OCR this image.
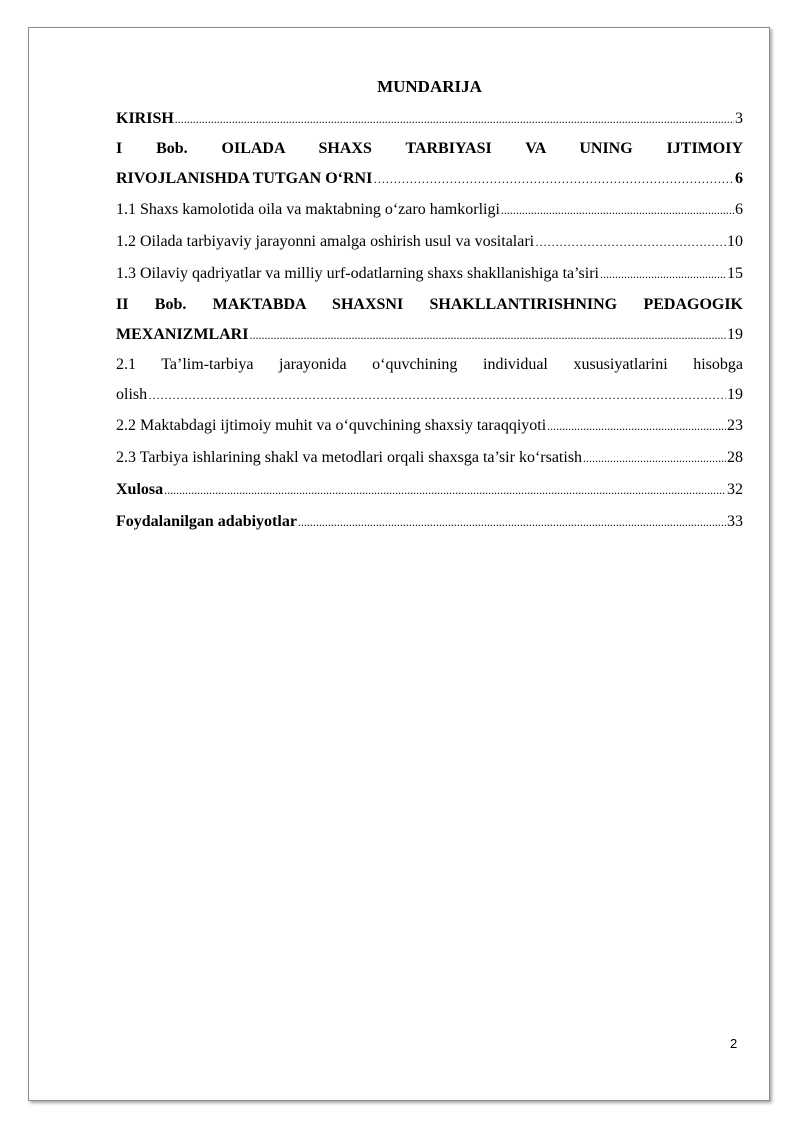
MUNDARIJA
KIRISH .....	3
I Bob. OILADA SHAXS TARBIYASI VA UNING IJTIMOIY
RIVOJLANISHDA TUTGAN O‘RNI …………………………………………………………………………………………………………………………………………………	6
1.1 Shaxs kamolotida oila va maktabning o‘zaro hamkorligi .....	6
1.2 Oilada tarbiyaviy jarayonni amalga oshirish usul va vositalari …………………………………………………………………………………………………………………………………………………	10
1.3 Oilaviy qadriyatlar va milliy urf-odatlarning shaxs shakllanishiga ta’siri .....	15
II Bob. MAKTABDA SHAXSNI SHAKLLANTIRISHNING PEDAGOGIK
MEXANIZMLARI .....	19
2.1 Ta’lim-tarbiya jarayonida o‘quvchining individual xususiyatlarini hisobga
olish …………………………………………………………………………………………………………………………………………………	19
2.2 Maktabdagi ijtimoiy muhit va o‘quvchining shaxsiy taraqqiyoti .....	23
2.3 Tarbiya ishlarining shakl va metodlari orqali shaxsga ta’sir ko‘rsatish .....	28
Xulosa .....	32
Foydalanilgan adabiyotlar .....	33
2
